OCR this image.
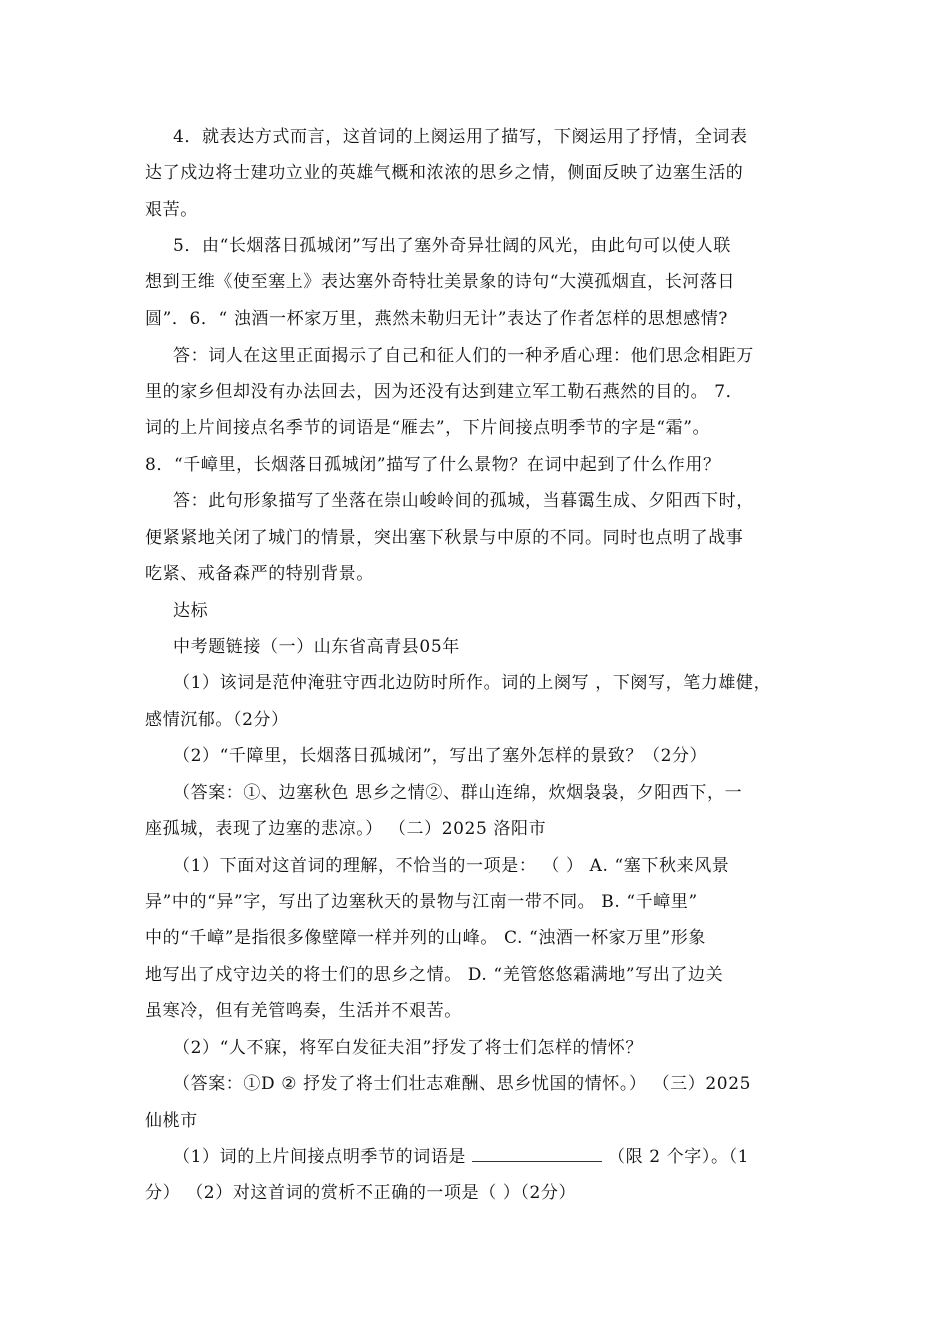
4．就表达方式而言，这首词的上阕运用了描写，下阕运用了抒情，全词表
达了戍边将士建功立业的英雄气概和浓浓的思乡之情，侧面反映了边塞生活的
艰苦。
5．由“长烟落日孤城闭”写出了塞外奇异壮阔的风光，由此句可以使人联
想到王维《使至塞上》表达塞外奇特壮美景象的诗句“大漠孤烟直，长河落日
圆”．6．“ 浊酒一杯家万里，燕然未勒归无计”表达了作者怎样的思想感情?
答：词人在这里正面揭示了自己和征人们的一种矛盾心理：他们思念相距万
里的家乡但却没有办法回去，因为还没有达到建立军工勒石燕然的目的。 7．
词的上片间接点名季节的词语是“雁去”，下片间接点明季节的字是“霜”。
8．“千嶂里，长烟落日孤城闭”描写了什么景物？在词中起到了什么作用？
答：此句形象描写了坐落在崇山峻岭间的孤城，当暮霭生成、夕阳西下时，
便紧紧地关闭了城门的情景，突出塞下秋景与中原的不同。同时也点明了战事
吃紧、戒备森严的特别背景。
达标
中考题链接（一）山东省高青县05年
（1）该词是范仲淹驻守西北边防时所作。词的上阕写 ，下阕写，笔力雄健，
感情沉郁。（2分）
（2）“千障里，长烟落日孤城闭”，写出了塞外怎样的景致？（2分）
（答案：①、边塞秋色 思乡之情②、群山连绵，炊烟袅袅，夕阳西下，一
座孤城，表现了边塞的悲凉。） （二）2025 洛阳市
（1）下面对这首词的理解，不恰当的一项是： （ ） A. “塞下秋来风景
异”中的“异”字，写出了边塞秋天的景物与江南一带不同。 B. “千嶂里”
中的“千嶂”是指很多像壁障一样并列的山峰。 C. “浊酒一杯家万里”形象
地写出了戍守边关的将士们的思乡之情。 D. “羌管悠悠霜满地”写出了边关
虽寒冷，但有羌管鸣奏，生活并不艰苦。
（2）“人不寐，将军白发征夫泪”抒发了将士们怎样的情怀？
（答案：①D ② 抒发了将士们壮志难酬、思乡忧国的情怀。） （三）2025
仙桃市
（1）词的上片间接点明季节的词语是	（限 2 个字）。（1
分） （2）对这首词的赏析不正确的一项是（ ）（2分）
